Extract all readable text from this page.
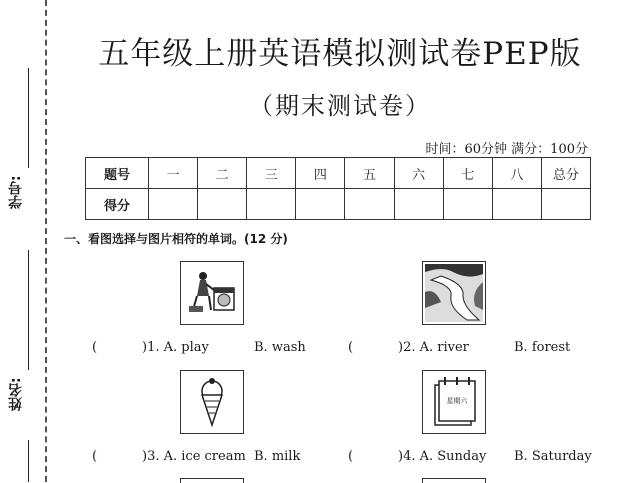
学号:
姓名:
五年级上册英语模拟测试卷PEP版
（期末测试卷）
时间：60分钟 满分：100分
题号	一	二	三	四	五	六	七	八	总分
得分									
一、看图选择与图片相符的单词。(12 分)
(	)1. A. play	B. wash	(	)2. A. river	B. forest
星期六
(	)3. A. ice cream B. milk	(	)4. A. Sunday B. Saturday
